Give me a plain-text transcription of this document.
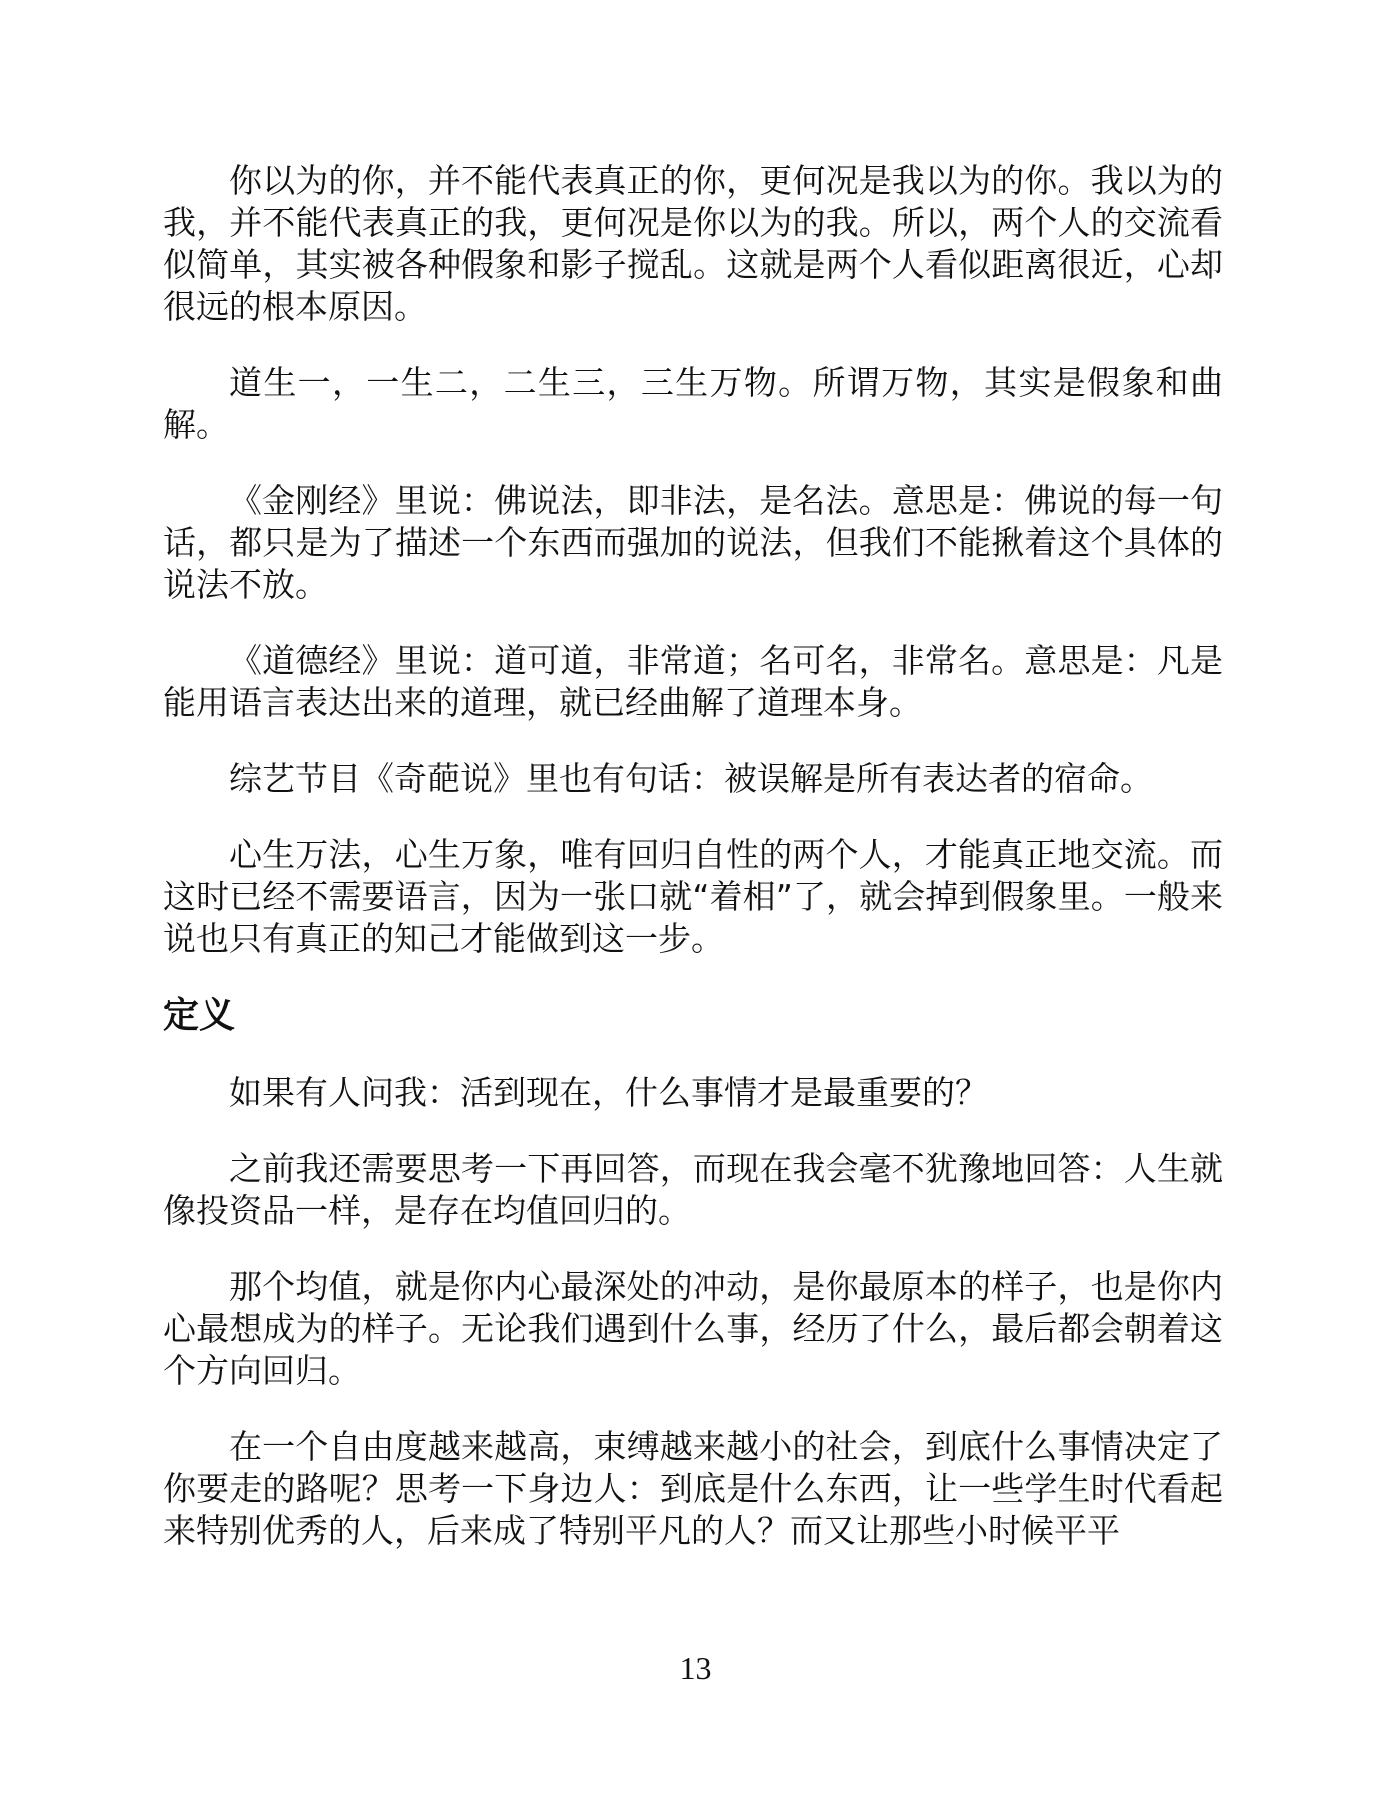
你以为的你，并不能代表真正的你，更何况是我以为的你。我以为的我，并不能代表真正的我，更何况是你以为的我。所以，两个人的交流看似简单，其实被各种假象和影子搅乱。这就是两个人看似距离很近，心却很远的根本原因。

道生一，一生二，二生三，三生万物。所谓万物，其实是假象和曲解。

《金刚经》里说：佛说法，即非法，是名法。意思是：佛说的每一句话，都只是为了描述一个东西而强加的说法，但我们不能揪着这个具体的说法不放。

《道德经》里说：道可道，非常道；名可名，非常名。意思是：凡是能用语言表达出来的道理，就已经曲解了道理本身。

综艺节目《奇葩说》里也有句话：被误解是所有表达者的宿命。

心生万法，心生万象，唯有回归自性的两个人，才能真正地交流。而这时已经不需要语言，因为一张口就“着相”了，就会掉到假象里。一般来说也只有真正的知己才能做到这一步。

定义

如果有人问我：活到现在，什么事情才是最重要的？

之前我还需要思考一下再回答，而现在我会毫不犹豫地回答：人生就像投资品一样，是存在均值回归的。

那个均值，就是你内心最深处的冲动，是你最原本的样子，也是你内心最想成为的样子。无论我们遇到什么事，经历了什么，最后都会朝着这个方向回归。

在一个自由度越来越高，束缚越来越小的社会，到底什么事情决定了你要走的路呢？思考一下身边人：到底是什么东西，让一些学生时代看起来特别优秀的人，后来成了特别平凡的人？而又让那些小时候平平

13
